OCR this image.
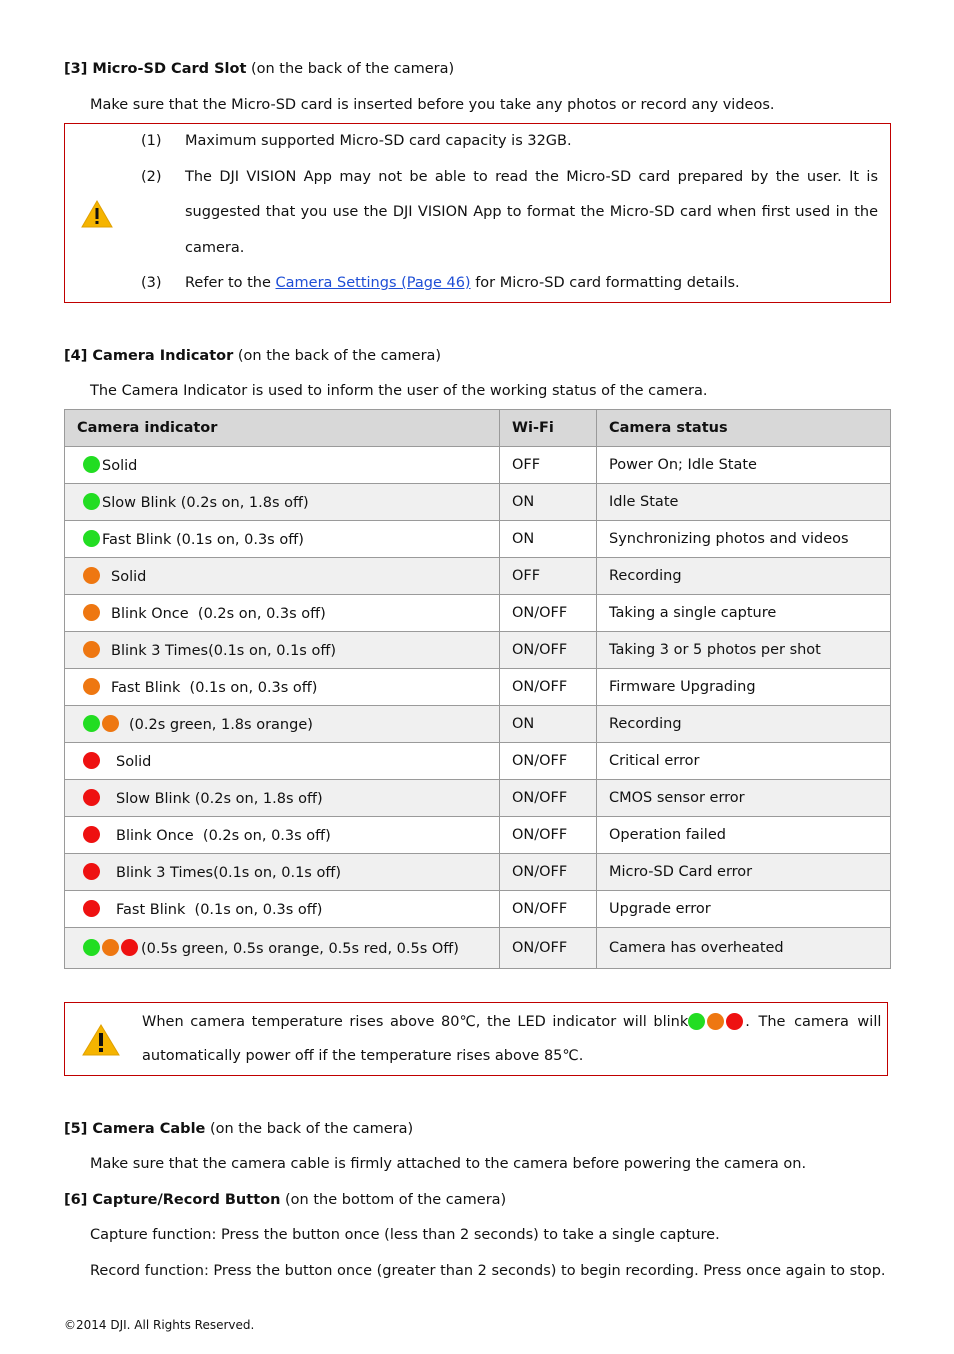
[3] Micro-SD Card Slot (on the back of the camera)
Make sure that the Micro-SD card is inserted before you take any photos or record any videos.
(1) Maximum supported Micro-SD card capacity is 32GB.
(2) The DJI VISION App may not be able to read the Micro-SD card prepared by the user. It is
suggested that you use the DJI VISION App to format the Micro-SD card when first used in the
camera.
(3) Refer to the Camera Settings (Page 46) for Micro-SD card formatting details.
[4] Camera Indicator (on the back of the camera)
The Camera Indicator is used to inform the user of the working status of the camera.
Camera indicator	Wi-Fi	Camera status
Solid	OFF	Power On; Idle State
Slow Blink (0.2s on, 1.8s off)	ON	Idle State
Fast Blink (0.1s on, 0.3s off)	ON	Synchronizing photos and videos
Solid	OFF	Recording
Blink Once  (0.2s on, 0.3s off)	ON/OFF	Taking a single capture
Blink 3 Times(0.1s on, 0.1s off)	ON/OFF	Taking 3 or 5 photos per shot
Fast Blink  (0.1s on, 0.3s off)	ON/OFF	Firmware Upgrading
(0.2s green, 1.8s orange)	ON	Recording
Solid	ON/OFF	Critical error
Slow Blink (0.2s on, 1.8s off)	ON/OFF	CMOS sensor error
Blink Once  (0.2s on, 0.3s off)	ON/OFF	Operation failed
Blink 3 Times(0.1s on, 0.1s off)	ON/OFF	Micro-SD Card error
Fast Blink  (0.1s on, 0.3s off)	ON/OFF	Upgrade error
(0.5s green, 0.5s orange, 0.5s red, 0.5s Off)	ON/OFF	Camera has overheated
When camera temperature rises above 80℃, the LED indicator will blink	. The camera will
automatically power off if the temperature rises above 85℃.
[5] Camera Cable (on the back of the camera)
Make sure that the camera cable is firmly attached to the camera before powering the camera on.
[6] Capture/Record Button (on the bottom of the camera)
Capture function: Press the button once (less than 2 seconds) to take a single capture.
Record function: Press the button once (greater than 2 seconds) to begin recording. Press once again to stop.
©2014 DJI. All Rights Reserved.
